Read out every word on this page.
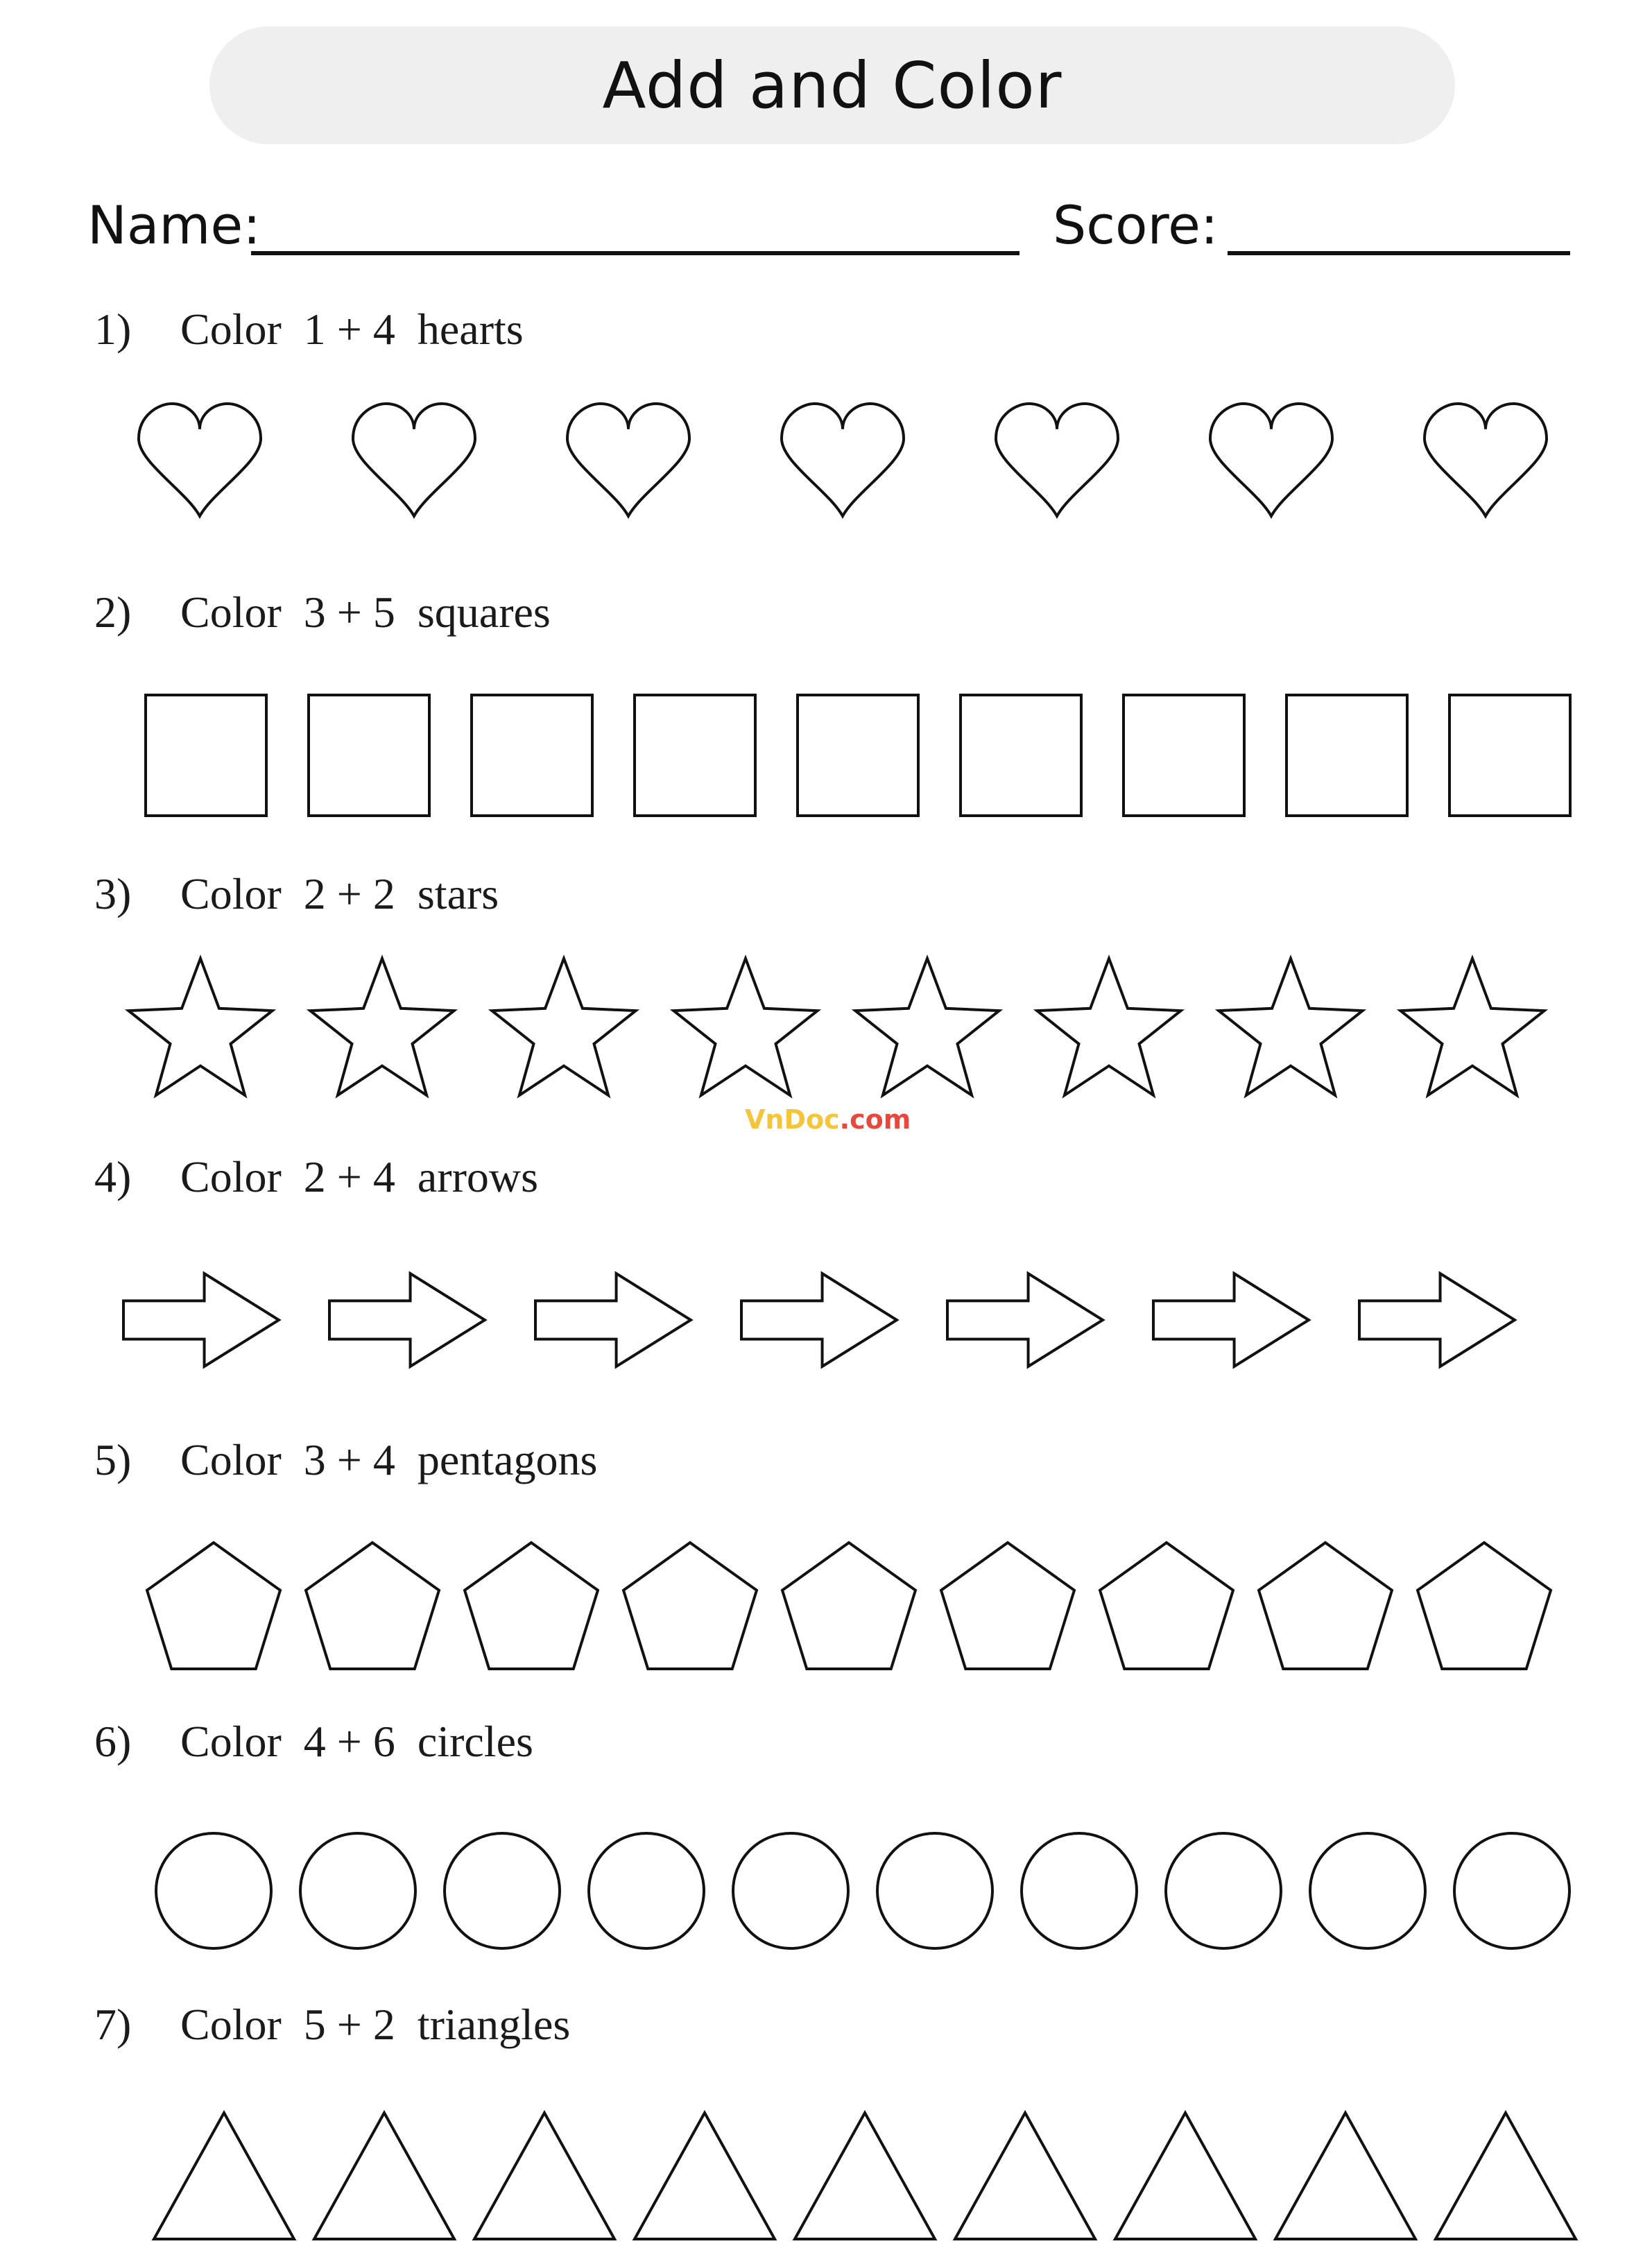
Add and Color
Name:	Score:
1) Color  1 + 4  hearts
2) Color  3 + 5  squares
3) Color  2 + 2  stars
4) Color  2 + 4  arrows
5) Color  3 + 4  pentagons
6) Color  4 + 6  circles
7) Color  5 + 2  triangles
VnDoc.com
